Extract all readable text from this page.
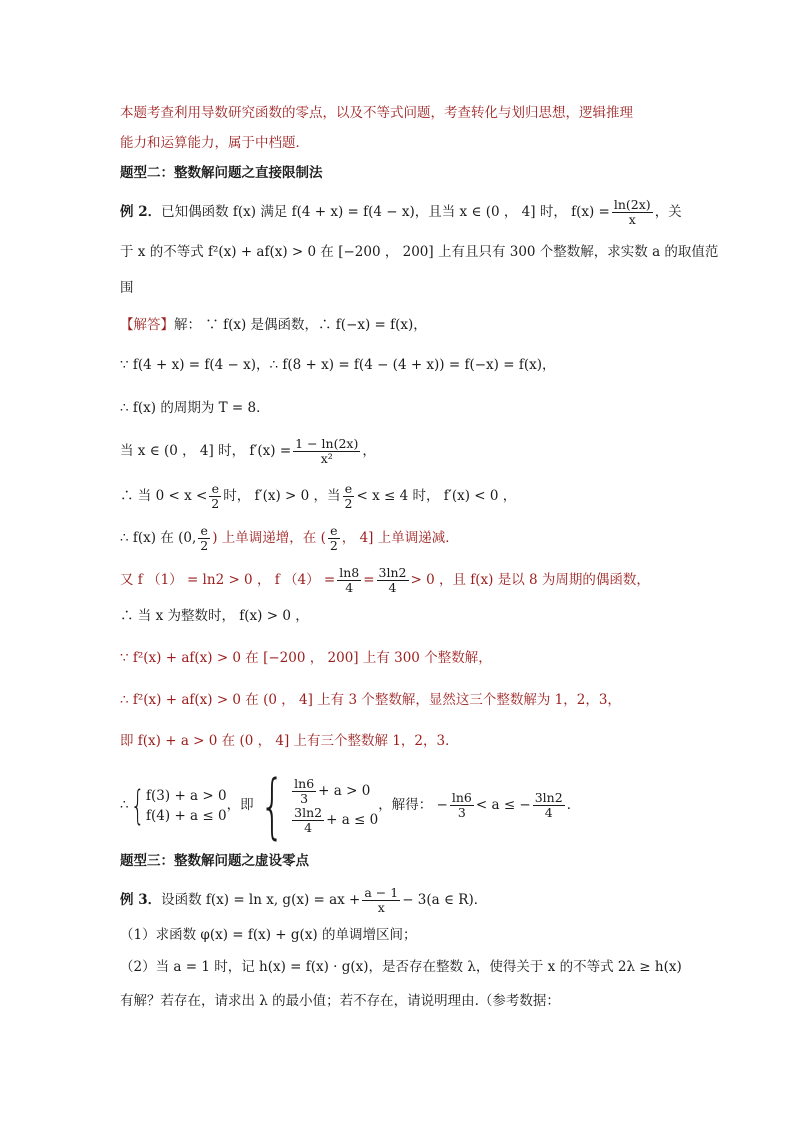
本题考查利用导数研究函数的零点，以及不等式问题，考查转化与划归思想，逻辑推理
能力和运算能力，属于中档题．
题型二：整数解问题之直接限制法
例 2．已知偶函数 f(x) 满足 f(4 + x) = f(4 − x)，且当 x ∈ (0 ， 4] 时， $f(x) = \frac{\ln(2x)}{x}$ ，关
于 x 的不等式 f²(x) + af(x) > 0 在 [−200 ， 200] 上有且只有 300 个整数解，求实数 a 的取值范
围
【解答】解： ∵ f(x) 是偶函数，∴ f(−x) = f(x)，
∵ f(4 + x) = f(4 − x)，∴ f(8 + x) = f(4 − (4 + x)) = f(−x) = f(x)，
∴ f(x) 的周期为 T = 8．
当 x ∈ (0 ， 4] 时， $f'(x) = \frac{1 - \ln(2x)}{\text{x²}}$ ，
∴ 当 $0 < x < \frac{e}{2}$ 时， f′(x) > 0 ，当 $\frac{e}{2} < x \le 4$ 时， f′(x) < 0 ，
∴ f(x) 在 (0, $\frac{e}{2}$ ) 上单调递增，在 ( $\frac{e}{2}$ ， 4] 上单调递减．
又 f （1） = ln2 > 0 ， f $(4) = \frac{\ln 8}{4} = \frac{3\ln 2}{4} > 0$ ，且 f(x) 是以 8 为周期的偶函数，
∴ 当 x 为整数时， f(x) > 0 ，
∵ f²(x) + af(x) > 0 在 [−200 ， 200] 上有 300 个整数解，
∴ f²(x) + af(x) > 0 在 (0 ， 4] 上有 3 个整数解，显然这三个整数解为 1，2，3，
即 f(x) + a > 0 在 (0 ， 4] 上有三个整数解 1，2，3．
∴{ f(3) + a > 0
f(4) + a ≤ 0
，即{ $\frac{\ln 6}{3} + a > 0$
$\frac{3\ln 2}{4} + a \le 0$
，解得： − $\frac{\ln 6}{3} < a$ ≤ − $\frac{3\ln 2}{4}$ ．
题型三：整数解问题之虚设零点
例 3．设函数 f(x) = ln x, g(x) = ax + $\frac{a - 1}{x} - 3(a$ ∈ R)．
（1）求函数 φ(x) = f(x) + g(x) 的单调增区间；
（2）当 a = 1 时，记 h(x) = f(x) · g(x)，是否存在整数 λ，使得关于 x 的不等式 2λ ≥ h(x)
有解？若存在，请求出 λ 的最小值；若不存在，请说明理由.（参考数据：
